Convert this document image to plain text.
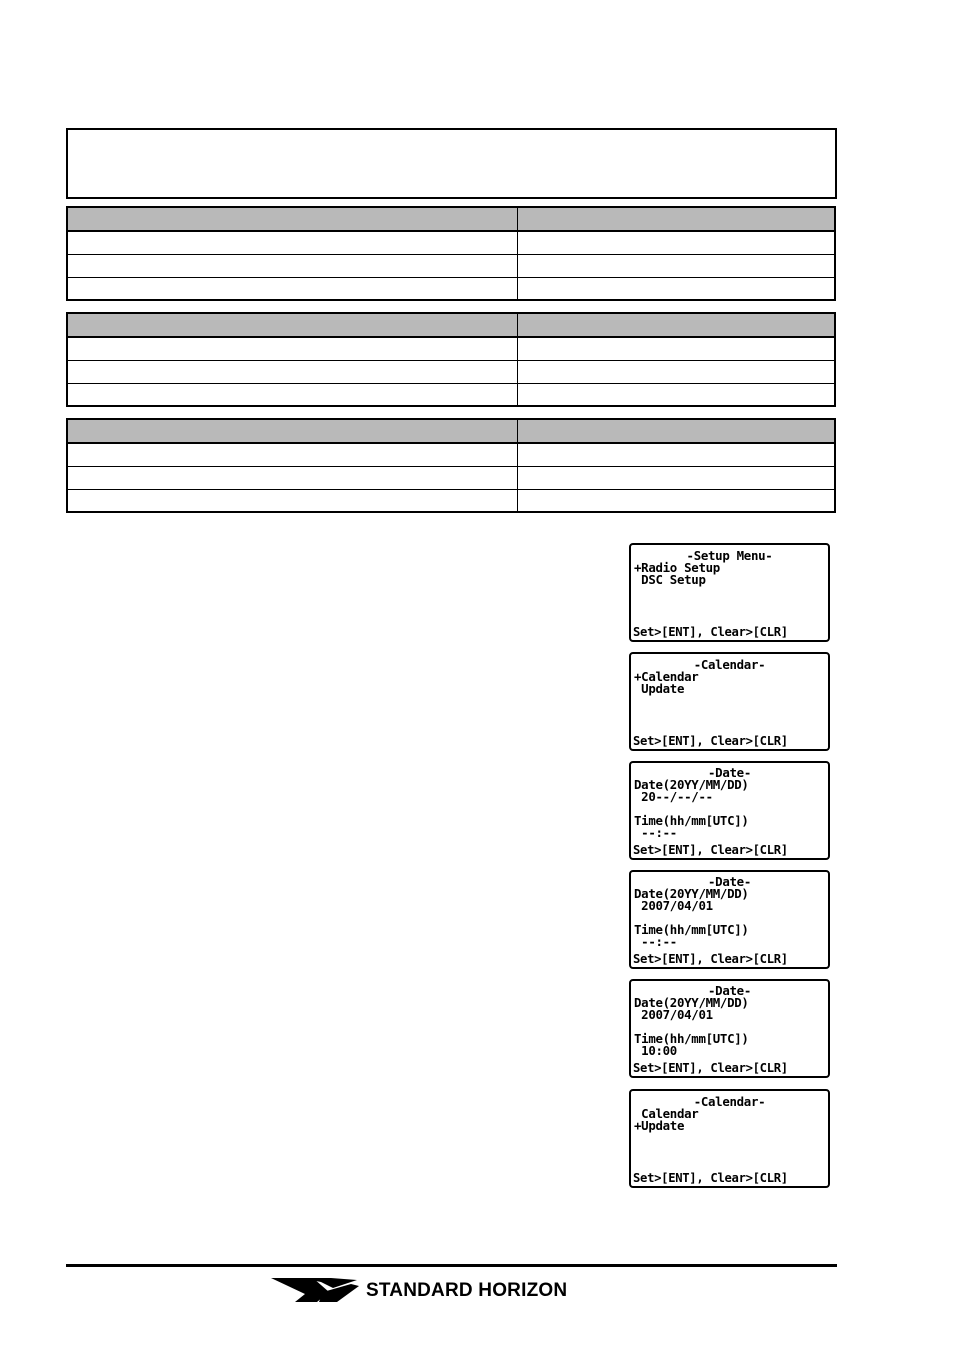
-Setup Menu-
+Radio Setup
DSC Setup
Set>[ENT], Clear>[CLR]
-Calendar-
+Calendar
Update
Set>[ENT], Clear>[CLR]
-Date-
Date(20YY/MM/DD)
20--/--/--
Time(hh/mm[UTC])
--:--
Set>[ENT], Clear>[CLR]
-Date-
Date(20YY/MM/DD)
2007/04/01
Time(hh/mm[UTC])
--:--
Set>[ENT], Clear>[CLR]
-Date-
Date(20YY/MM/DD)
2007/04/01
Time(hh/mm[UTC])
10:00
Set>[ENT], Clear>[CLR]
-Calendar-
Calendar
+Update
Set>[ENT], Clear>[CLR]
STANDARD HORIZON
